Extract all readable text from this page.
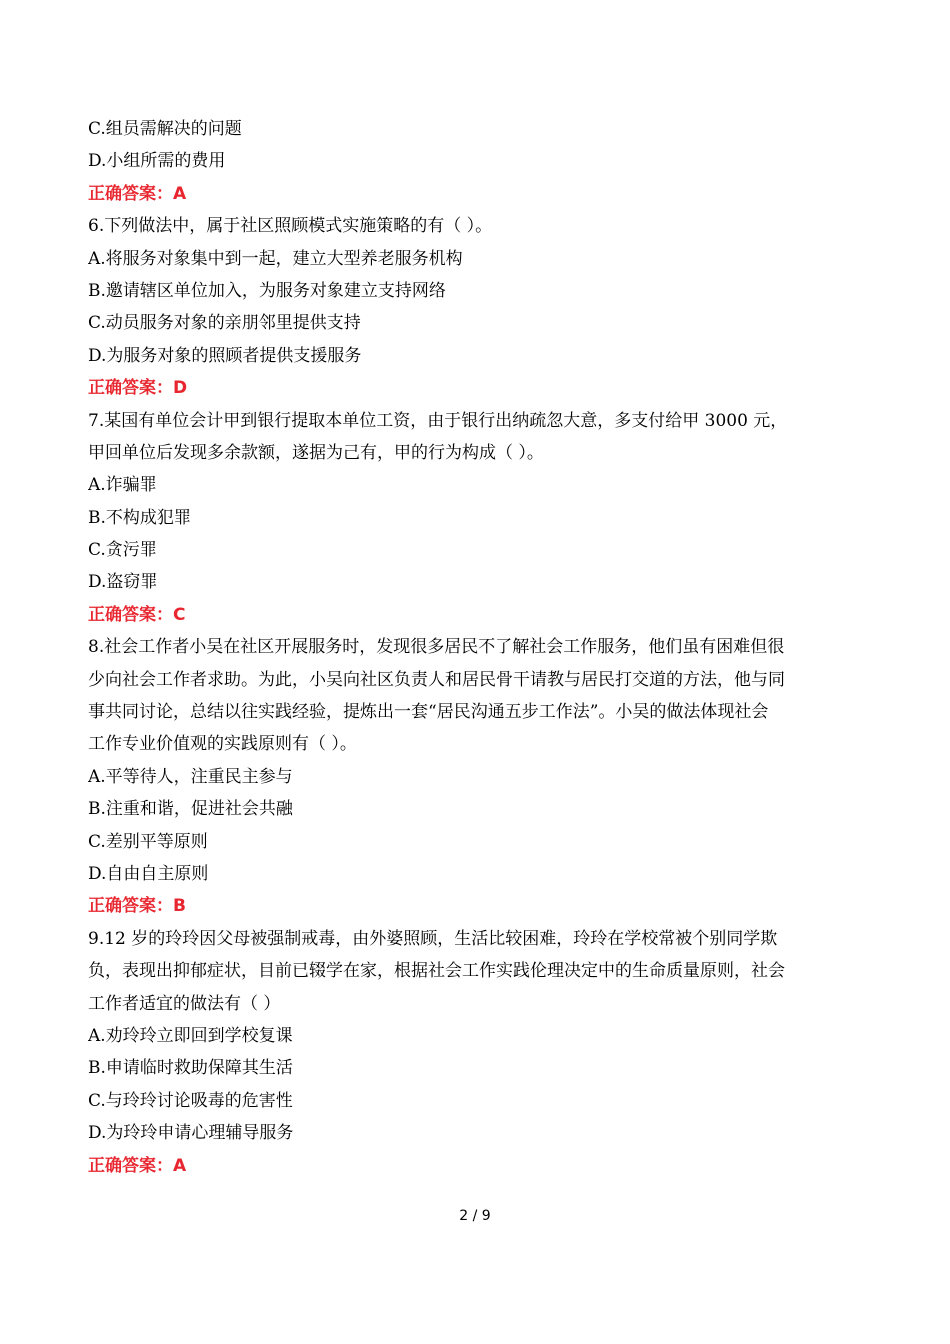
C.组员需解决的问题
D.小组所需的费用
正确答案：A
6.下列做法中，属于社区照顾模式实施策略的有（ ）。
A.将服务对象集中到一起，建立大型养老服务机构
B.邀请辖区单位加入，为服务对象建立支持网络
C.动员服务对象的亲朋邻里提供支持
D.为服务对象的照顾者提供支援服务
正确答案：D
7.某国有单位会计甲到银行提取本单位工资，由于银行出纳疏忽大意，多支付给甲 3000 元，
甲回单位后发现多余款额，遂据为己有，甲的行为构成（ ）。
A.诈骗罪
B.不构成犯罪
C.贪污罪
D.盗窃罪
正确答案：C
8.社会工作者小吴在社区开展服务时，发现很多居民不了解社会工作服务，他们虽有困难但很
少向社会工作者求助。为此，小吴向社区负责人和居民骨干请教与居民打交道的方法，他与同
事共同讨论，总结以往实践经验，提炼出一套“居民沟通五步工作法”。小吴的做法体现社会
工作专业价值观的实践原则有（ ）。
A.平等待人，注重民主参与
B.注重和谐，促进社会共融
C.差别平等原则
D.自由自主原则
正确答案：B
9.12 岁的玲玲因父母被强制戒毒，由外婆照顾，生活比较困难，玲玲在学校常被个别同学欺
负，表现出抑郁症状，目前已辍学在家，根据社会工作实践伦理决定中的生命质量原则，社会
工作者适宜的做法有（ ）
A.劝玲玲立即回到学校复课
B.申请临时救助保障其生活
C.与玲玲讨论吸毒的危害性
D.为玲玲申请心理辅导服务
正确答案：A
2 / 9
